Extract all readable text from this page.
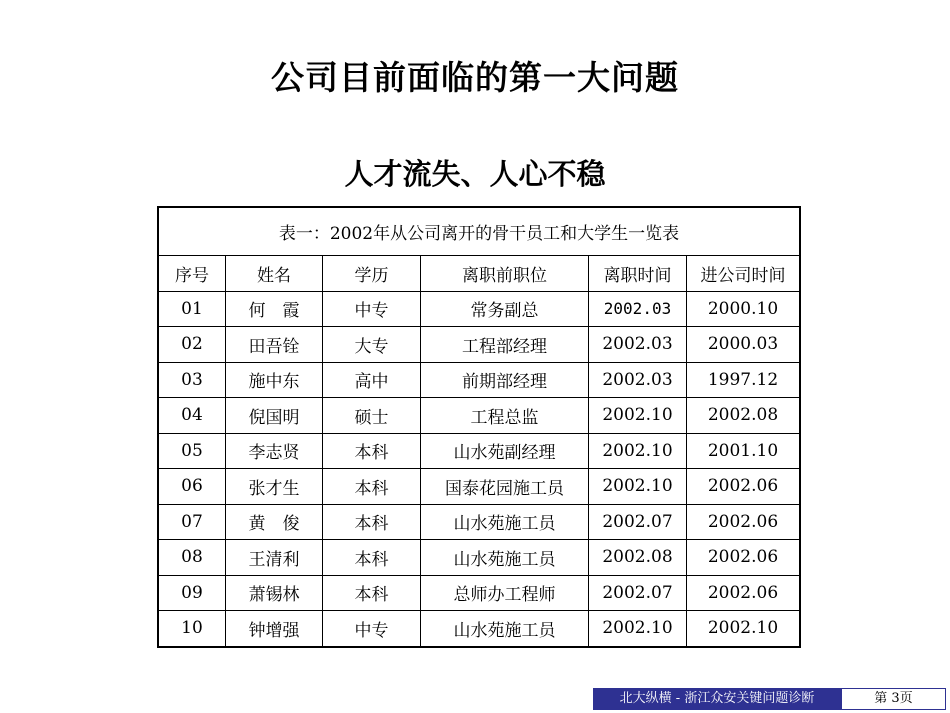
公司目前面临的第一大问题
人才流失、人心不稳
表一：2002年从公司离开的骨干员工和大学生一览表					
序号	姓名	学历	离职前职位	离职时间	进公司时间
01	何　霞	中专	常务副总	2002.03	2000.10
02	田吾铨	大专	工程部经理	2002.03	2000.03
03	施中东	高中	前期部经理	2002.03	1997.12
04	倪国明	硕士	工程总监	2002.10	2002.08
05	李志贤	本科	山水苑副经理	2002.10	2001.10
06	张才生	本科	国泰花园施工员	2002.10	2002.06
07	黄　俊	本科	山水苑施工员	2002.07	2002.06
08	王清利	本科	山水苑施工员	2002.08	2002.06
09	萧锡林	本科	总师办工程师	2002.07	2002.06
10	钟增强	中专	山水苑施工员	2002.10	2002.10
北大纵横 - 浙江众安关键问题诊断	第 3页
